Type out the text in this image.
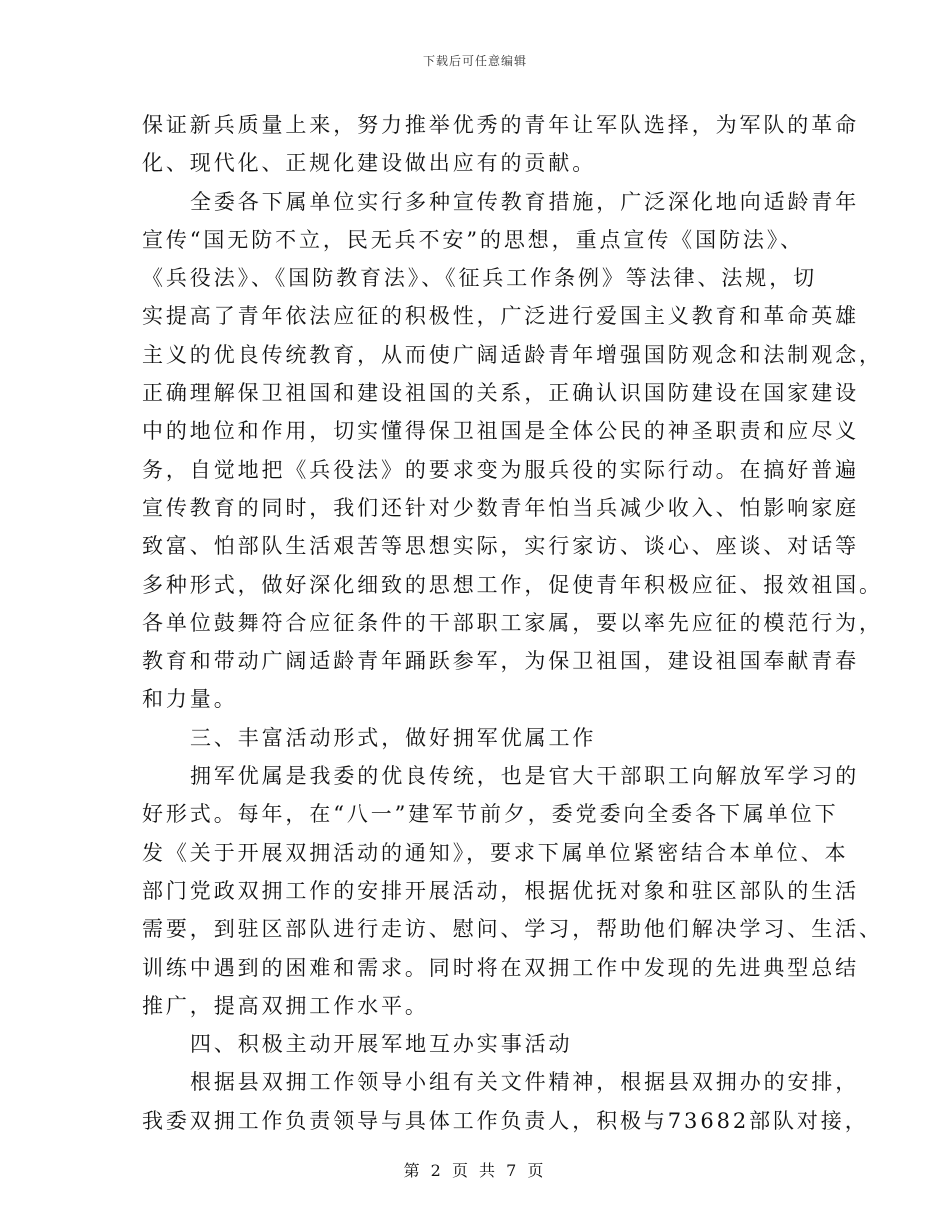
下载后可任意编辑
保证新兵质量上来，努力推举优秀的青年让军队选择，为军队的革命
化、现代化、正规化建设做出应有的贡献。
全委各下属单位实行多种宣传教育措施，广泛深化地向适龄青年
宣传“国无防不立，民无兵不安”的思想，重点宣传《国防法》、
《兵役法》、《国防教育法》、《征兵工作条例》等法律、法规，切
实提高了青年依法应征的积极性，广泛进行爱国主义教育和革命英雄
主义的优良传统教育，从而使广阔适龄青年增强国防观念和法制观念，
正确理解保卫祖国和建设祖国的关系，正确认识国防建设在国家建设
中的地位和作用，切实懂得保卫祖国是全体公民的神圣职责和应尽义
务，自觉地把《兵役法》的要求变为服兵役的实际行动。在搞好普遍
宣传教育的同时，我们还针对少数青年怕当兵减少收入、怕影响家庭
致富、怕部队生活艰苦等思想实际，实行家访、谈心、座谈、对话等
多种形式，做好深化细致的思想工作，促使青年积极应征、报效祖国。
各单位鼓舞符合应征条件的干部职工家属，要以率先应征的模范行为，
教育和带动广阔适龄青年踊跃参军，为保卫祖国，建设祖国奉献青春
和力量。
三、丰富活动形式，做好拥军优属工作
拥军优属是我委的优良传统，也是官大干部职工向解放军学习的
好形式。每年，在“八一”建军节前夕，委党委向全委各下属单位下
发《关于开展双拥活动的通知》，要求下属单位紧密结合本单位、本
部门党政双拥工作的安排开展活动，根据优抚对象和驻区部队的生活
需要，到驻区部队进行走访、慰问、学习，帮助他们解决学习、生活、
训练中遇到的困难和需求。同时将在双拥工作中发现的先进典型总结
推广，提高双拥工作水平。
四、积极主动开展军地互办实事活动
根据县双拥工作领导小组有关文件精神，根据县双拥办的安排，
我委双拥工作负责领导与具体工作负责人，积极与73682部队对接，
第 2 页 共 7 页
